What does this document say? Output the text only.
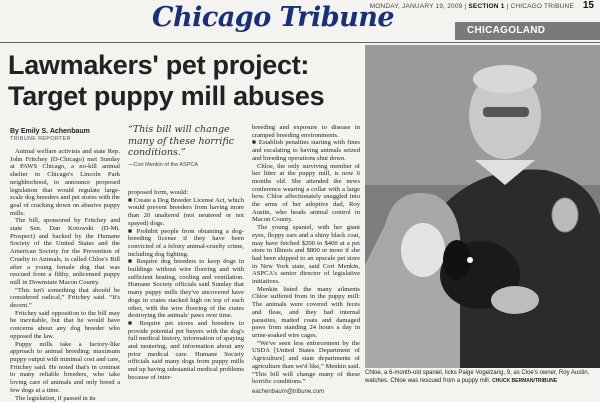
Chicago Tribune
MONDAY, JANUARY 19, 2009 | SECTION 1 | CHICAGO TRIBUNE 15
CHICAGOLAND
Lawmakers' pet project:
Target puppy mill abuses
By Emily S. Achenbaum
TRIBUNE REPORTER
“This bill will change many of these horrific conditions.”
—Cori Menkin of the ASPCA

Animal welfare activists and state Rep. John Fritchey (D-Chicago) met Sunday at PAWS Chicago, a no-kill animal shelter in Chicago's Lincoln Park neighborhood, to announce proposed legislation that would regulate large-scale dog breeders and pet stores with the goal of cracking down on abusive puppy mills.

The bill, sponsored by Fritchey and state Sen. Dan Kotowski (D-Mt. Prospect) and backed by the Humane Society of the United States and the American Society for the Prevention of Cruelty to Animals, is called Chloe's Bill after a young female dog that was rescued from a filthy, unlicensed puppy mill in Downstate Macon County.

“This isn't something that should be considered radical,” Fritchey said. “It's decent.”

Fritchey said opposition to the bill may be inevitable, but that he would have concerns about any dog breeder who opposed the law.

Puppy mills take a factory-like approach to animal breeding: maximum puppy output with minimal cost and care, Fritchey said. He noted that's in contrast to many reliable breeders, who take loving care of animals and only breed a few dogs at a time.

The legislation, if passed in its

proposed form, would:

■ Create a Dog Breeder License Act, which would prevent breeders from having more than 20 unaltered (not neutered or not spayed) dogs.

■ Prohibit people from obtaining a dog-breeding license if they have been convicted of a felony animal-cruelty crime, including dog fighting.

■ Require dog breeders to keep dogs in buildings without wire flooring and with sufficient heating, cooling and ventilation. Humane Society officials said Sunday that many puppy mills they've uncovered have dogs in crates stacked high on top of each other, with the wire flooring of the crates destroying the animals' paws over time.

■ Require pet stores and breeders to provide potential pet buyers with the dog's full medical history, information of spaying and neutering, and information about any prior medical care. Humane Society officials said many dogs from puppy mills end up having substantial medical problems because of inter-

breeding and exposure to disease in cramped breeding environments.

■ Establish penalties starting with fines and escalating to having animals seized and breeding operations shut down.

Chloe, the only surviving member of her litter at the puppy mill, is now 6 months old. She attended the news conference wearing a collar with a large bow. Chloe affectionately snuggled into the arms of her adoptive dad, Roy Austin, who heads animal control in Macon County.

The young spaniel, with her giant eyes, floppy ears and a shiny black coat, may have fetched $200 to $400 at a pet store in Illinois and $800 or more if she had been shipped to an upscale pet store in New York state, said Cori Menkin, ASPCA's senior director of legislative initiatives.

Menkin listed the many ailments Chloe suffered from in the puppy mill: The animals were covered with feces and fleas, and they had internal parasites, matted coats and damaged paws from standing 24 hours a day in urine-soaked wire cages.

“We've seen less enforcement by the USDA [United States Department of Agriculture] and state departments of agriculture than we'd like,” Menkin said. “This bill will change many of these horrific conditions.”

eachenbaum@tribune.com
Chloe, a 6-month-old spaniel, licks Paige Vogelzang, 9, as Cloe's owner, Roy Austin, watches. Chloe was rescued from a puppy mill. CHUCK BERMAN/TRIBUNE
